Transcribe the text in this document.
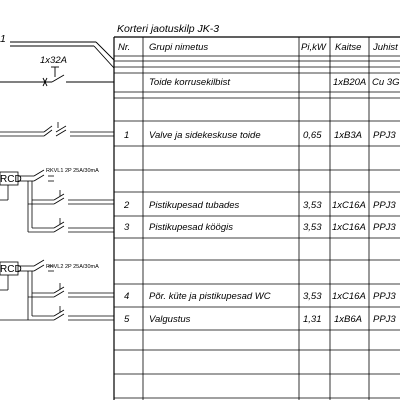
Korteri jaotuskilp JK-3
1
Nr. Grupi nimetus	Pi,kW Kaitse Juhist
Toide korrusekilbist	1xB20A Cu 3G
1 Valve ja sidekeskuse toide	0,65 1xB3A PPJ3
2 Pistikupesad tubades	3,53 1xC16A PPJ3
3 Pistikupesad köögis	3,53 1xC16A PPJ3
4 Põr. küte ja pistikupesad WC	3,53 1xC16A PPJ3
5 Valgustus	1,31 1xB6A PPJ3
1x32A
RCD
RKVL1 2P 25A/30mA
RCD	RKVL2 2P 25A/30mA
